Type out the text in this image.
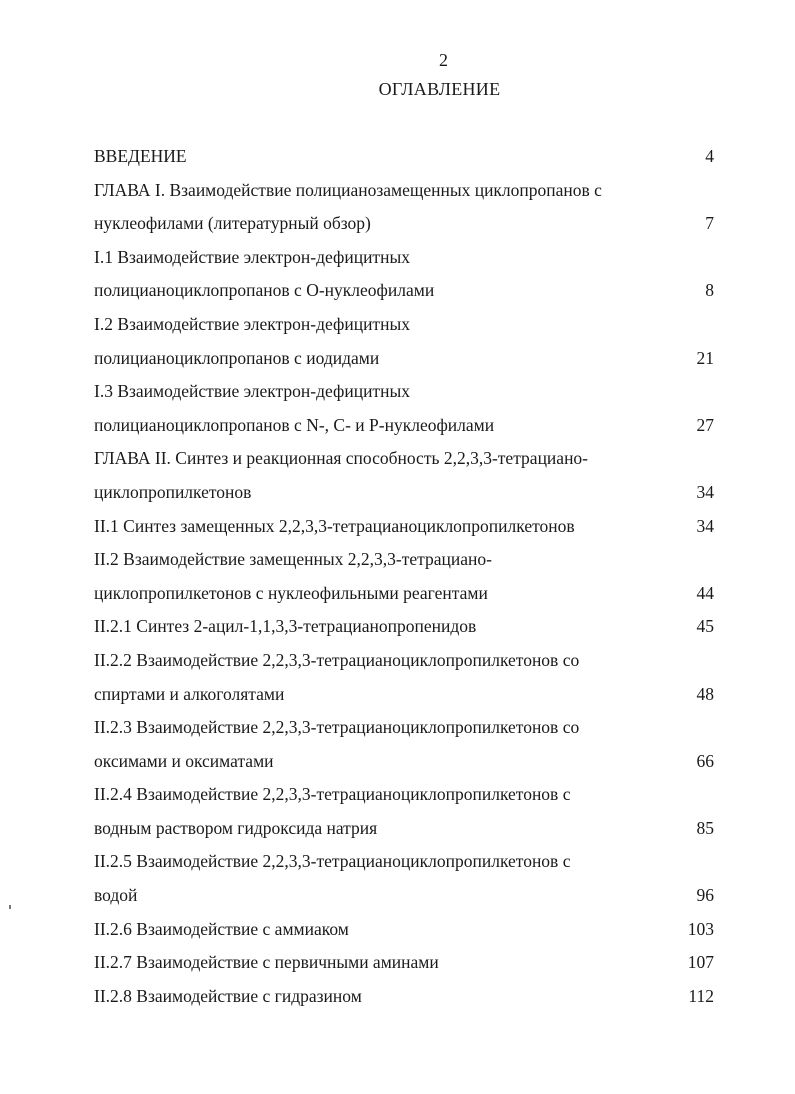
2
ОГЛАВЛЕНИЕ
ВВЕДЕНИЕ	4
ГЛАВА I. Взаимодействие полицианозамещенных циклопропанов с
нуклеофилами (литературный обзор)	7
I.1 Взаимодействие электрон-дефицитных
полицианоциклопропанов с О-нуклеофилами	8
I.2 Взаимодействие электрон-дефицитных
полицианоциклопропанов с иодидами	21
I.3 Взаимодействие электрон-дефицитных
полицианоциклопропанов с N-, C- и P-нуклеофилами	27
ГЛАВА II. Синтез и реакционная способность 2,2,3,3-тетрациано-
циклопропилкетонов	34
II.1 Синтез замещенных 2,2,3,3-тетрацианоциклопропилкетонов	34
II.2 Взаимодействие замещенных 2,2,3,3-тетрациано-
циклопропилкетонов с нуклеофильными реагентами	44
II.2.1 Синтез 2-ацил-1,1,3,3-тетрацианопропенидов	45
II.2.2 Взаимодействие 2,2,3,3-тетрацианоциклопропилкетонов со
спиртами и алкоголятами	48
II.2.3 Взаимодействие 2,2,3,3-тетрацианоциклопропилкетонов со
оксимами и оксиматами	66
II.2.4 Взаимодействие 2,2,3,3-тетрацианоциклопропилкетонов с
водным раствором гидроксида натрия	85
II.2.5 Взаимодействие 2,2,3,3-тетрацианоциклопропилкетонов с
водой	96
II.2.6 Взаимодействие с аммиаком	103
II.2.7 Взаимодействие с первичными аминами	107
II.2.8 Взаимодействие с гидразином	112
